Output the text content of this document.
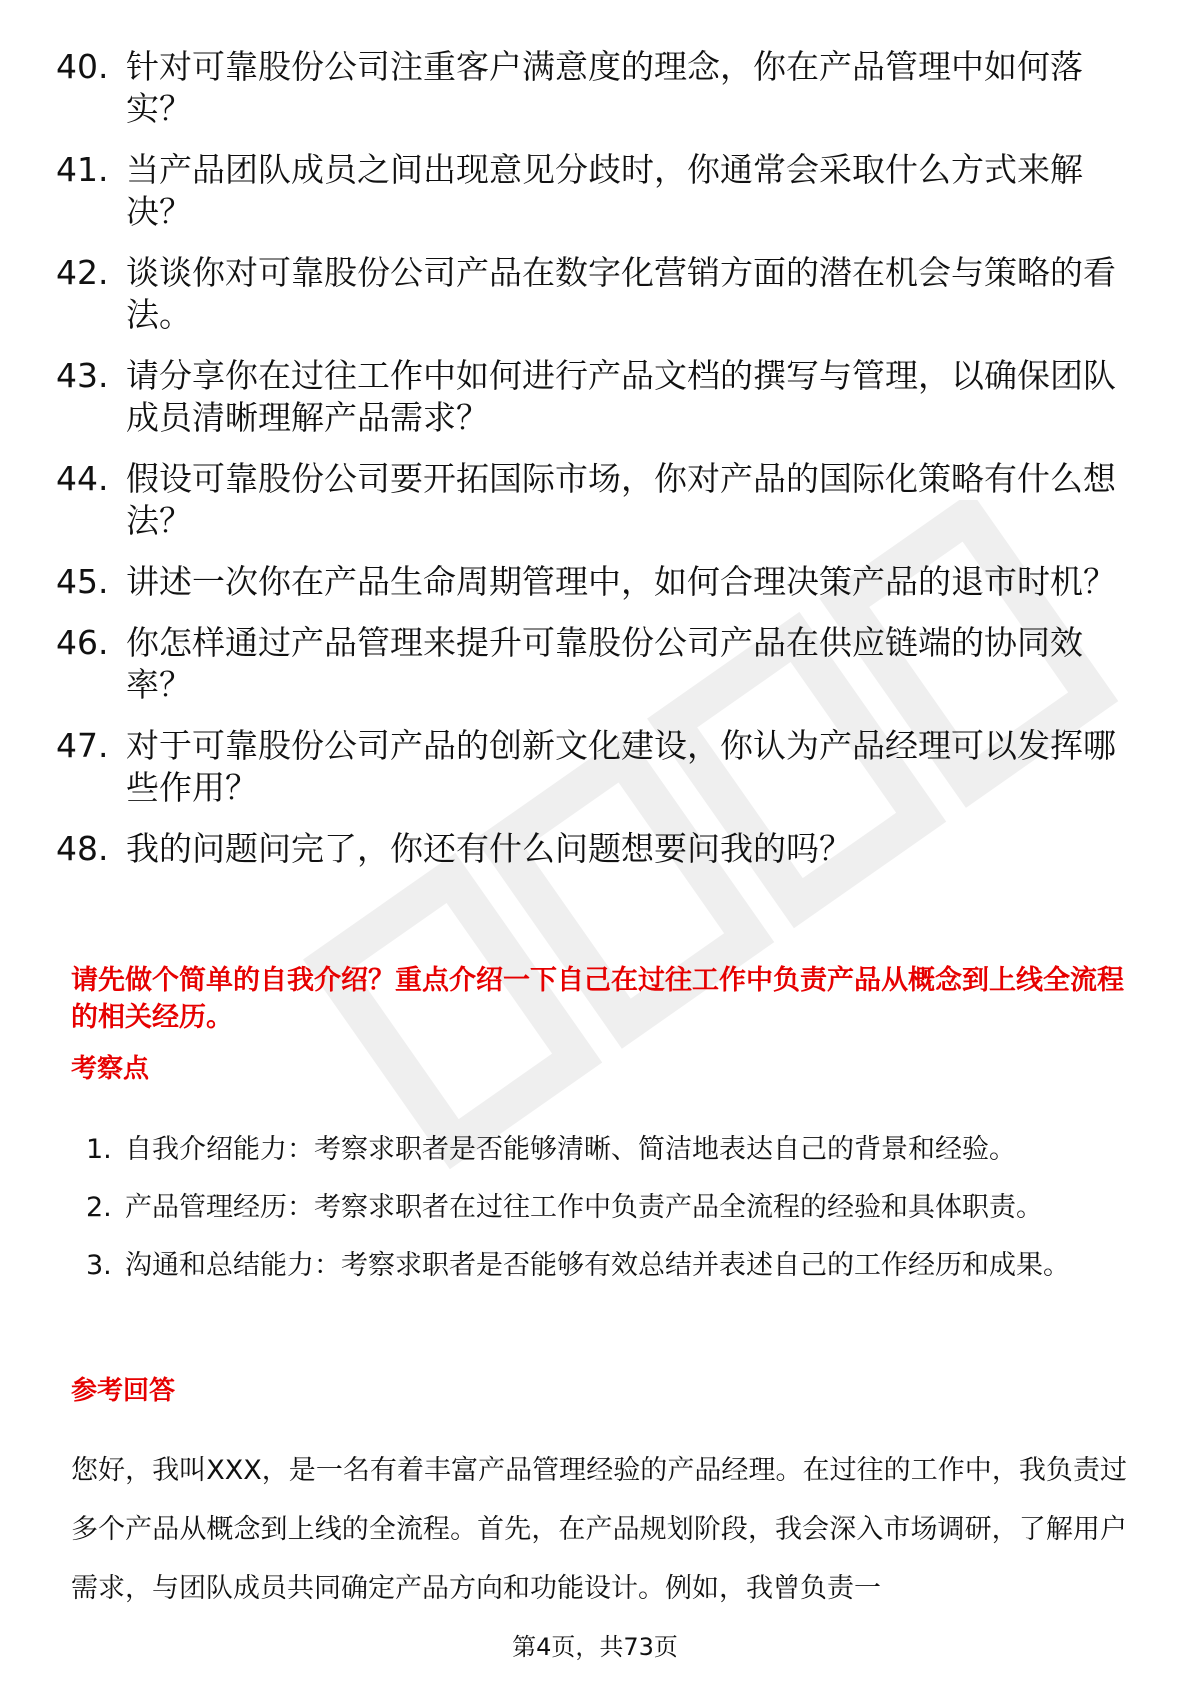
40. 针对可靠股份公司注重客户满意度的理念，你在产品管理中如何落实？
41. 当产品团队成员之间出现意见分歧时，你通常会采取什么方式来解决？
42. 谈谈你对可靠股份公司产品在数字化营销方面的潜在机会与策略的看法。
43. 请分享你在过往工作中如何进行产品文档的撰写与管理，以确保团队成员清晰理解产品需求？
44. 假设可靠股份公司要开拓国际市场，你对产品的国际化策略有什么想法？
45. 讲述一次你在产品生命周期管理中，如何合理决策产品的退市时机？
46. 你怎样通过产品管理来提升可靠股份公司产品在供应链端的协同效率？
47. 对于可靠股份公司产品的创新文化建设，你认为产品经理可以发挥哪些作用？
48. 我的问题问完了，你还有什么问题想要问我的吗？
请先做个简单的自我介绍？重点介绍一下自己在过往工作中负责产品从概念到上线全流程的相关经历。
考察点
1. 自我介绍能力：考察求职者是否能够清晰、简洁地表达自己的背景和经验。
2. 产品管理经历：考察求职者在过往工作中负责产品全流程的经验和具体职责。
3. 沟通和总结能力：考察求职者是否能够有效总结并表述自己的工作经历和成果。
参考回答
您好，我叫XXX，是一名有着丰富产品管理经验的产品经理。在过往的工作中，我负责过多个产品从概念到上线的全流程。首先，在产品规划阶段，我会深入市场调研，了解用户需求，与团队成员共同确定产品方向和功能设计。例如，我曾负责一
第4页，共73页
